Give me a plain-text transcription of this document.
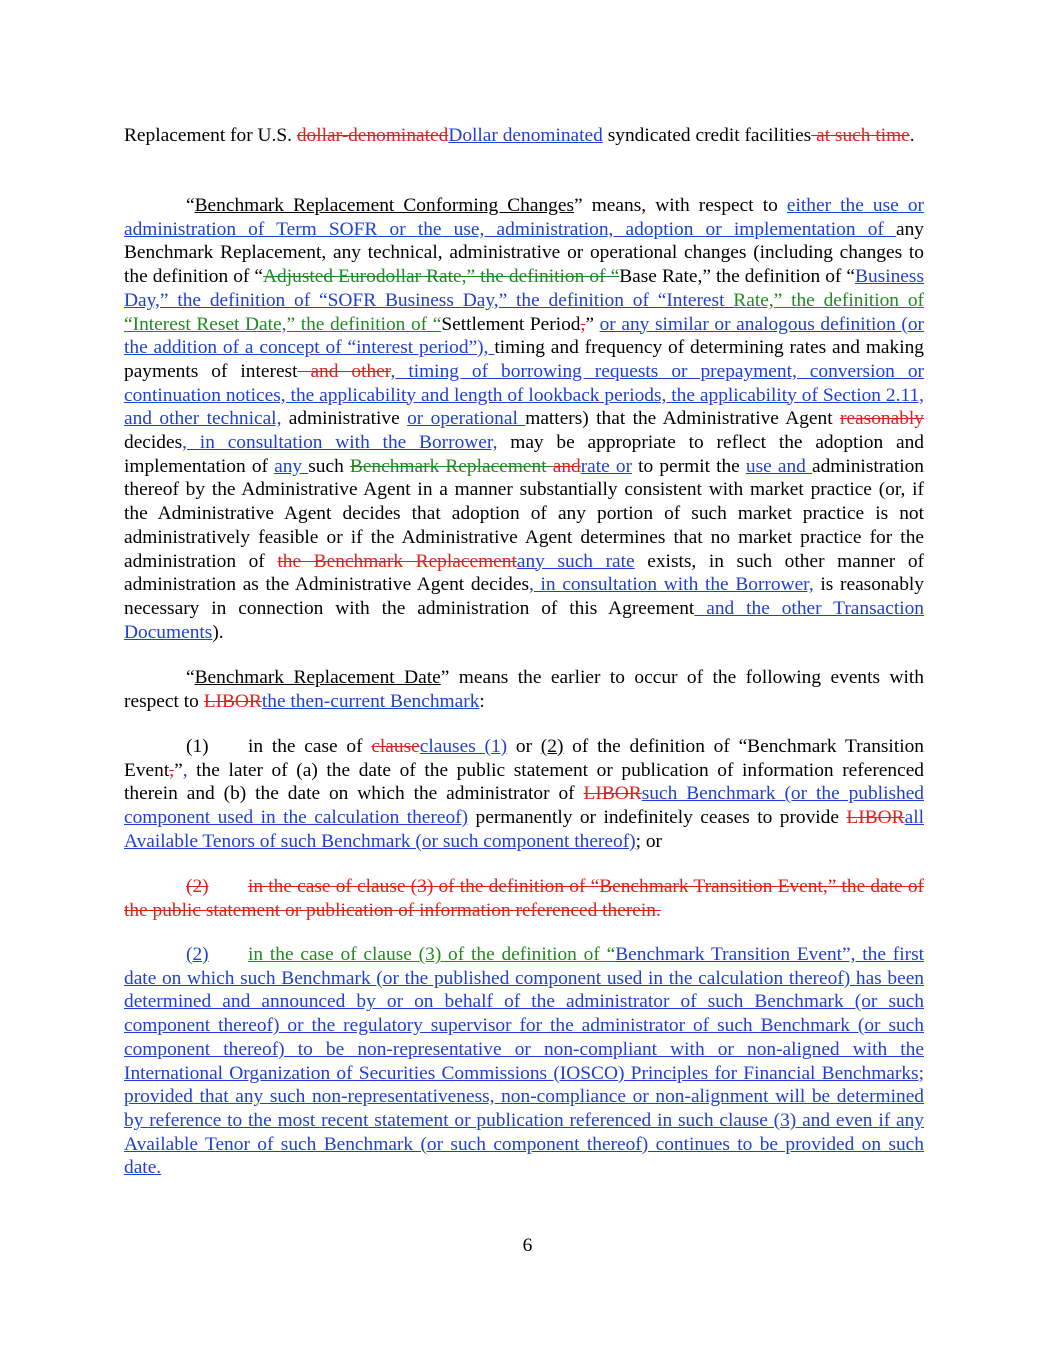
Replacement for U.S. dollar-denominatedDollar denominated syndicated credit facilities at such time.

“Benchmark Replacement Conforming Changes” means, with respect to either the use or administration of Term SOFR or the use, administration, adoption or implementation of any Benchmark Replacement, any technical, administrative or operational changes (including changes to the definition of “Adjusted Eurodollar Rate,” the definition of “Base Rate,” the definition of “Business Day,” the definition of “SOFR Business Day,” the definition of “Interest Rate,” the definition of “Interest Reset Date,” the definition of “Settlement Period,” or any similar or analogous definition (or the addition of a concept of “interest period”), timing and frequency of determining rates and making payments of interest and other, timing of borrowing requests or prepayment, conversion or continuation notices, the applicability and length of lookback periods, the applicability of Section 2.11, and other technical, administrative or operational matters) that the Administrative Agent reasonably decides, in consultation with the Borrower, may be appropriate to reflect the adoption and implementation of any such Benchmark Replacement andrate or to permit the use and administration thereof by the Administrative Agent in a manner substantially consistent with market practice (or, if the Administrative Agent decides that adoption of any portion of such market practice is not administratively feasible or if the Administrative Agent determines that no market practice for the administration of the Benchmark Replacementany such rate exists, in such other manner of administration as the Administrative Agent decides, in consultation with the Borrower, is reasonably necessary in connection with the administration of this Agreement and the other Transaction Documents).

“Benchmark Replacement Date” means the earlier to occur of the following events with respect to LIBORthe then-current Benchmark:

(1) in the case of clauseclauses (1) or (2) of the definition of “Benchmark Transition Event,”, the later of (a) the date of the public statement or publication of information referenced therein and (b) the date on which the administrator of LIBORsuch Benchmark (or the published component used in the calculation thereof) permanently or indefinitely ceases to provide LIBORall Available Tenors of such Benchmark (or such component thereof); or

(2) in the case of clause (3) of the definition of “Benchmark Transition Event,” the date of the public statement or publication of information referenced therein.

(2) in the case of clause (3) of the definition of “Benchmark Transition Event”, the first date on which such Benchmark (or the published component used in the calculation thereof) has been determined and announced by or on behalf of the administrator of such Benchmark (or such component thereof) or the regulatory supervisor for the administrator of such Benchmark (or such component thereof) to be non-representative or non-compliant with or non-aligned with the International Organization of Securities Commissions (IOSCO) Principles for Financial Benchmarks; provided that any such non-representativeness, non-compliance or non-alignment will be determined by reference to the most recent statement or publication referenced in such clause (3) and even if any Available Tenor of such Benchmark (or such component thereof) continues to be provided on such date.

6
